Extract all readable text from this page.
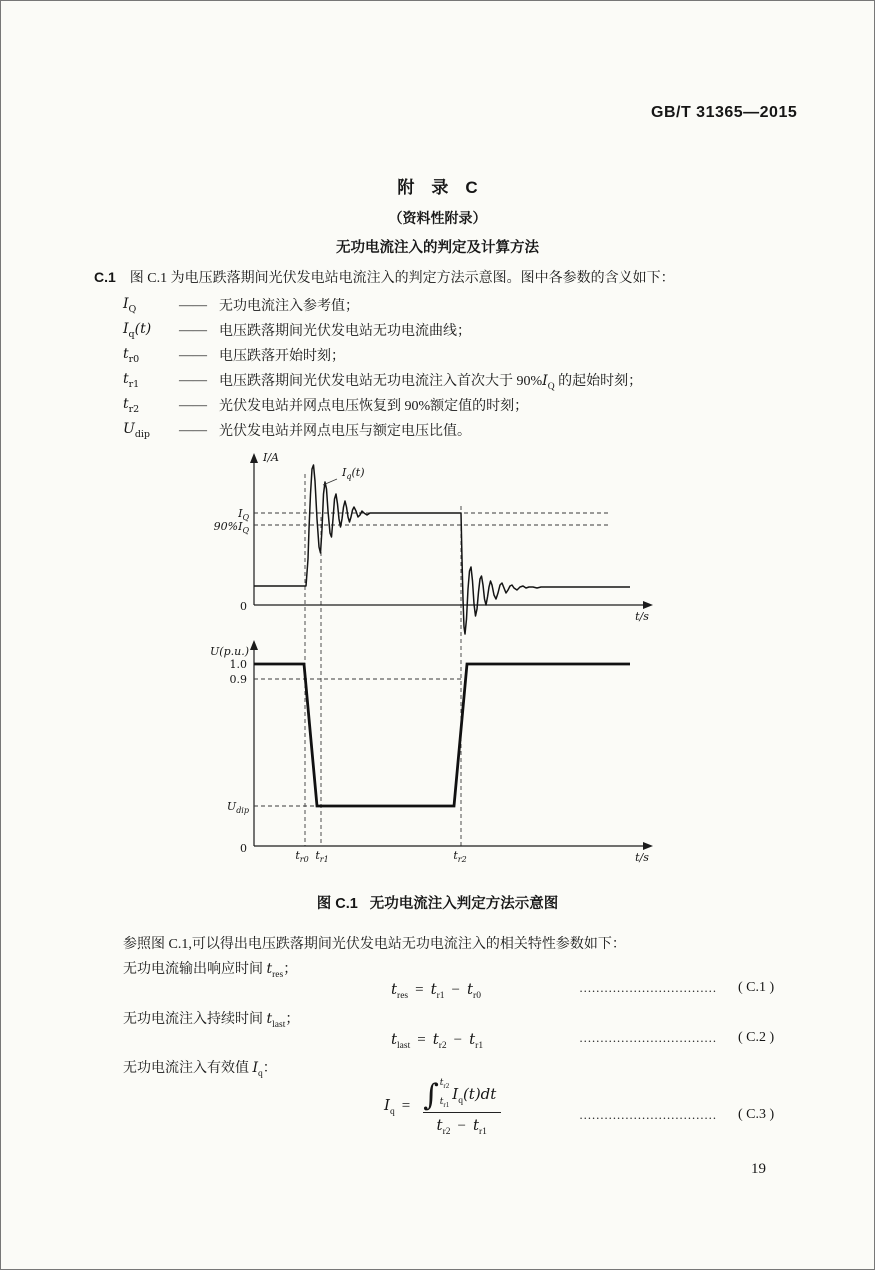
GB/T 31365—2015
附　录　C
（资料性附录）
无功电流注入的判定及计算方法
C.1 图 C.1 为电压跌落期间光伏发电站电流注入的判定方法示意图。图中各参数的含义如下：
$I_Q$	—— 无功电流注入参考值；
$I_q(t)$	—— 电压跌落期间光伏发电站无功电流曲线；
$t_{r0}$	—— 电压跌落开始时刻；
$t_{r1}$	—— 电压跌落期间光伏发电站无功电流注入首次大于 $90\%I_Q$ 的起始时刻；
$t_{r2}$	—— 光伏发电站并网点电压恢复到 90%额定值的时刻；
$U_{dip}$	—— 光伏发电站并网点电压与额定电压比值。
I/A
t/s
$I_Q$
$90\%I_Q$
0
$I_q(t)$
U(p.u.)
t/s
1.0
0.9
$U_{dip}$
0
$t_{r0}$ $t_{r1}$	$t_{r2}$
图 C.1 无功电流注入判定方法示意图

参照图 C.1,可以得出电压跌落期间光伏发电站无功电流注入的相关特性参数如下：

无功电流输出响应时间 $t_{res}$；

$t_{res} = t_{r1} - t_{r0}$
…………………………… ( C.1 )

无功电流注入持续时间 $t_{last}$；

$t_{last} = t_{r2} - t_{r1}$
…………………………… ( C.2 )

无功电流注入有效值 $I_q$：

$I_q$ = ∫ $t_{r2}$
$t_{r1}$
$I_q(t)dt$
$t_{r2} - t_{r1}$
…………………………… ( C.3 )
19
